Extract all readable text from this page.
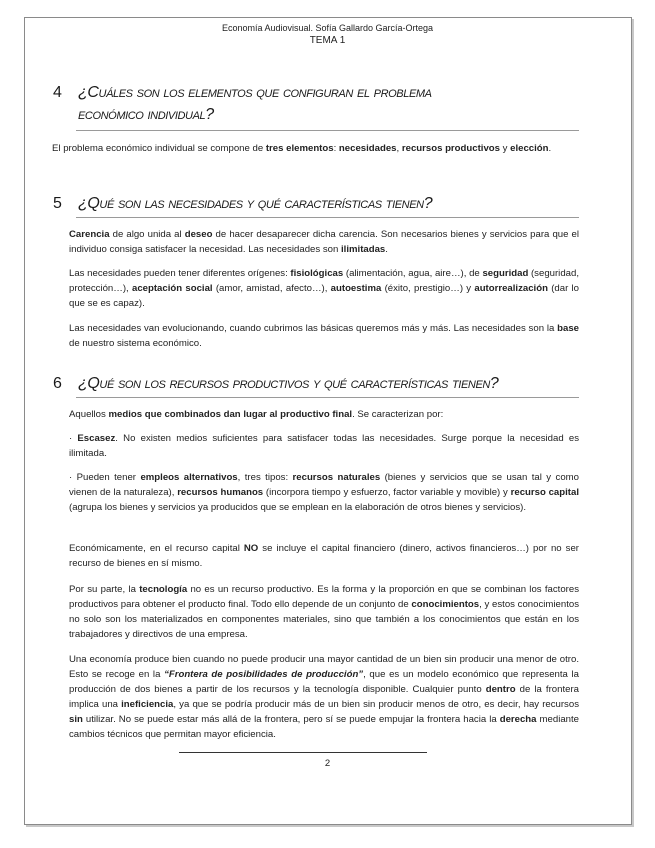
Economía Audiovisual. Sofía Gallardo García-Ortega
TEMA 1
4 ¿Cuáles son los elementos que configuran el problema
económico individual?

El problema económico individual se compone de tres elementos: necesidades, recursos productivos y elección.

5 ¿Qué son las necesidades y qué características tienen?

Carencia de algo unida al deseo de hacer desaparecer dicha carencia. Son necesarios bienes y servicios para que el individuo consiga satisfacer la necesidad. Las necesidades son ilimitadas.

Las necesidades pueden tener diferentes orígenes: fisiológicas (alimentación, agua, aire…), de seguridad (seguridad, protección…), aceptación social (amor, amistad, afecto…), autoestima (éxito, prestigio…) y autorrealización (dar lo que se es capaz).

Las necesidades van evolucionando, cuando cubrimos las básicas queremos más y más. Las necesidades son la base de nuestro sistema económico.

6 ¿Qué son los recursos productivos y qué características tienen?

Aquellos medios que combinados dan lugar al productivo final. Se caracterizan por:

· Escasez. No existen medios suficientes para satisfacer todas las necesidades. Surge porque la necesidad es ilimitada.

· Pueden tener empleos alternativos, tres tipos: recursos naturales (bienes y servicios que se usan tal y como vienen de la naturaleza), recursos humanos (incorpora tiempo y esfuerzo, factor variable y movible) y recurso capital (agrupa los bienes y servicios ya producidos que se emplean en la elaboración de otros bienes y servicios).

Económicamente, en el recurso capital NO se incluye el capital financiero (dinero, activos financieros…) por no ser recurso de bienes en sí mismo.

Por su parte, la tecnología no es un recurso productivo. Es la forma y la proporción en que se combinan los factores productivos para obtener el producto final. Todo ello depende de un conjunto de conocimientos, y estos conocimientos no solo son los materializados en componentes materiales, sino que también a los conocimientos que están en los trabajadores y directivos de una empresa.

Una economía produce bien cuando no puede producir una mayor cantidad de un bien sin producir una menor de otro. Esto se recoge en la “Frontera de posibilidades de producción”, que es un modelo económico que representa la producción de dos bienes a partir de los recursos y la tecnología disponible. Cualquier punto dentro de la frontera implica una ineficiencia, ya que se podría producir más de un bien sin producir menos de otro, es decir, hay recursos sin utilizar. No se puede estar más allá de la frontera, pero sí se puede empujar la frontera hacia la derecha mediante cambios técnicos que permitan mayor eficiencia.

2
